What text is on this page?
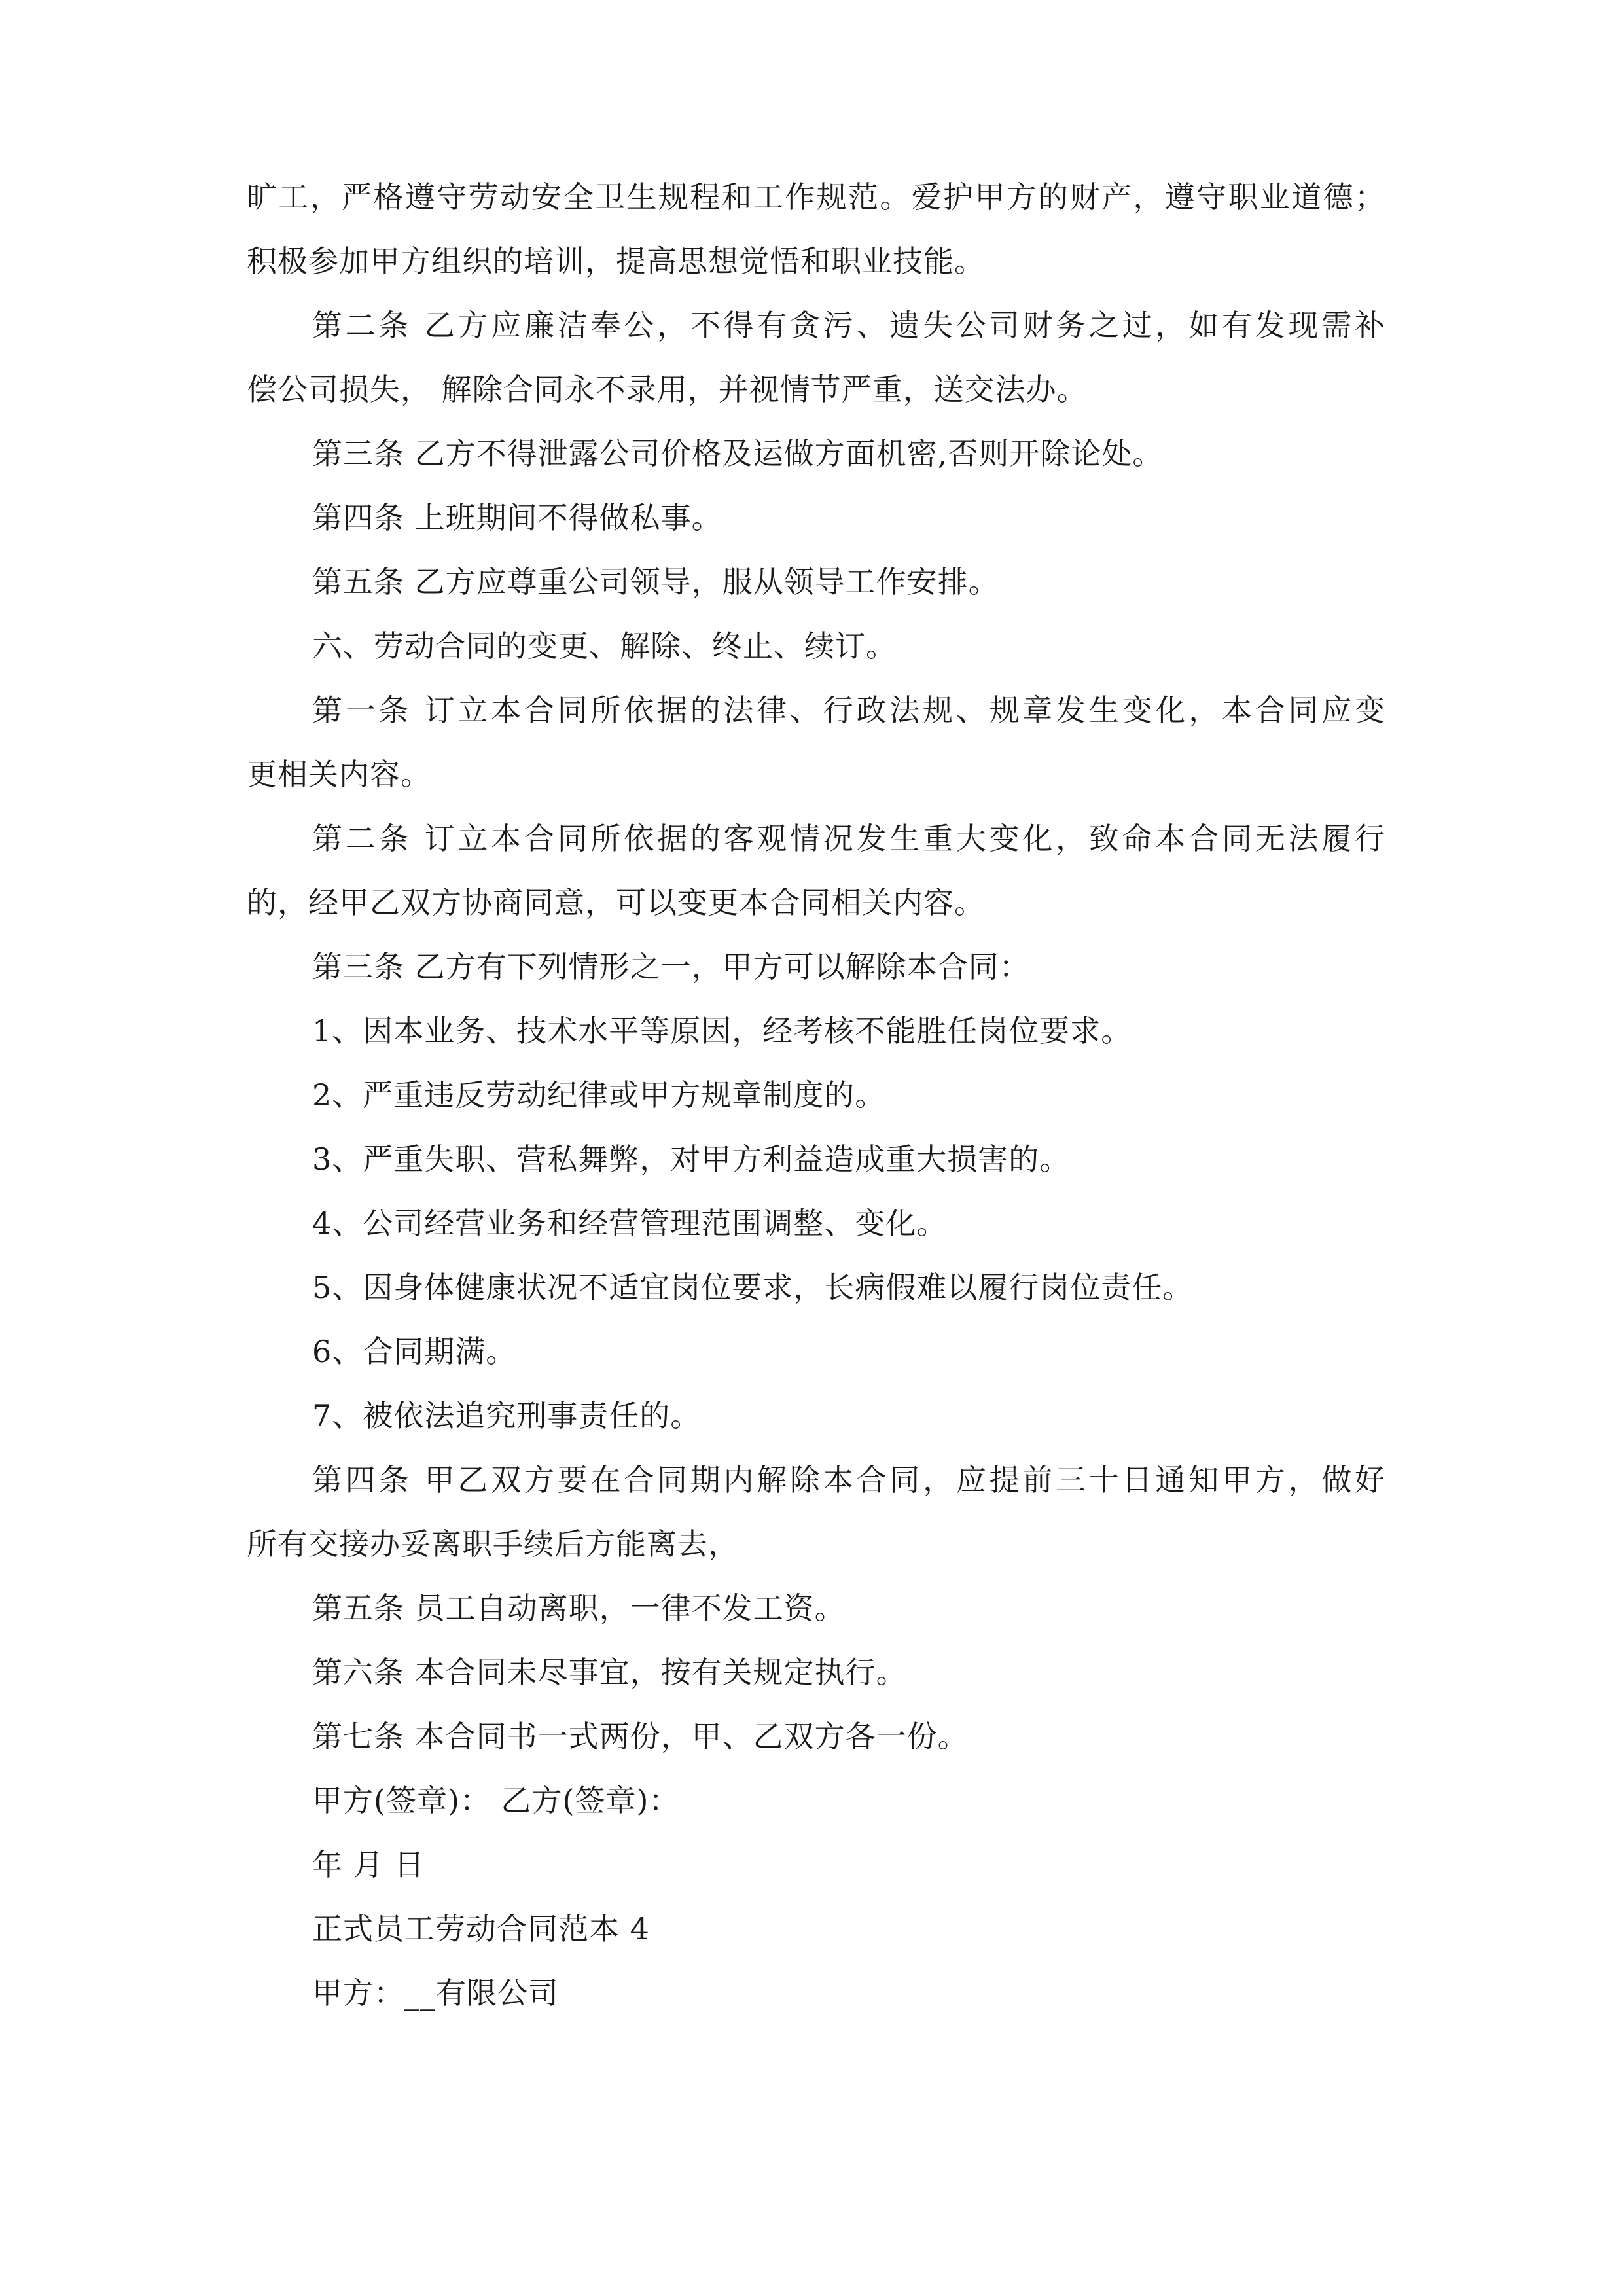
旷工，严格遵守劳动安全卫生规程和工作规范。爱护甲方的财产，遵守职业道德；
积极参加甲方组织的培训，提高思想觉悟和职业技能。
第二条 乙方应廉洁奉公，不得有贪污、遗失公司财务之过，如有发现需补
偿公司损失， 解除合同永不录用，并视情节严重，送交法办。
第三条 乙方不得泄露公司价格及运做方面机密,否则开除论处。
第四条 上班期间不得做私事。
第五条 乙方应尊重公司领导，服从领导工作安排。
六、劳动合同的变更、解除、终止、续订。
第一条 订立本合同所依据的法律、行政法规、规章发生变化，本合同应变
更相关内容。
第二条 订立本合同所依据的客观情况发生重大变化，致命本合同无法履行
的，经甲乙双方协商同意，可以变更本合同相关内容。
第三条 乙方有下列情形之一，甲方可以解除本合同：
1、因本业务、技术水平等原因，经考核不能胜任岗位要求。
2、严重违反劳动纪律或甲方规章制度的。
3、严重失职、营私舞弊，对甲方利益造成重大损害的。
4、公司经营业务和经营管理范围调整、变化。
5、因身体健康状况不适宜岗位要求，长病假难以履行岗位责任。
6、合同期满。
7、被依法追究刑事责任的。
第四条 甲乙双方要在合同期内解除本合同，应提前三十日通知甲方，做好
所有交接办妥离职手续后方能离去，
第五条 员工自动离职，一律不发工资。
第六条 本合同未尽事宜，按有关规定执行。
第七条 本合同书一式两份，甲、乙双方各一份。
甲方(签章)： 乙方(签章)：
年 月 日
正式员工劳动合同范本 4
甲方：__有限公司
